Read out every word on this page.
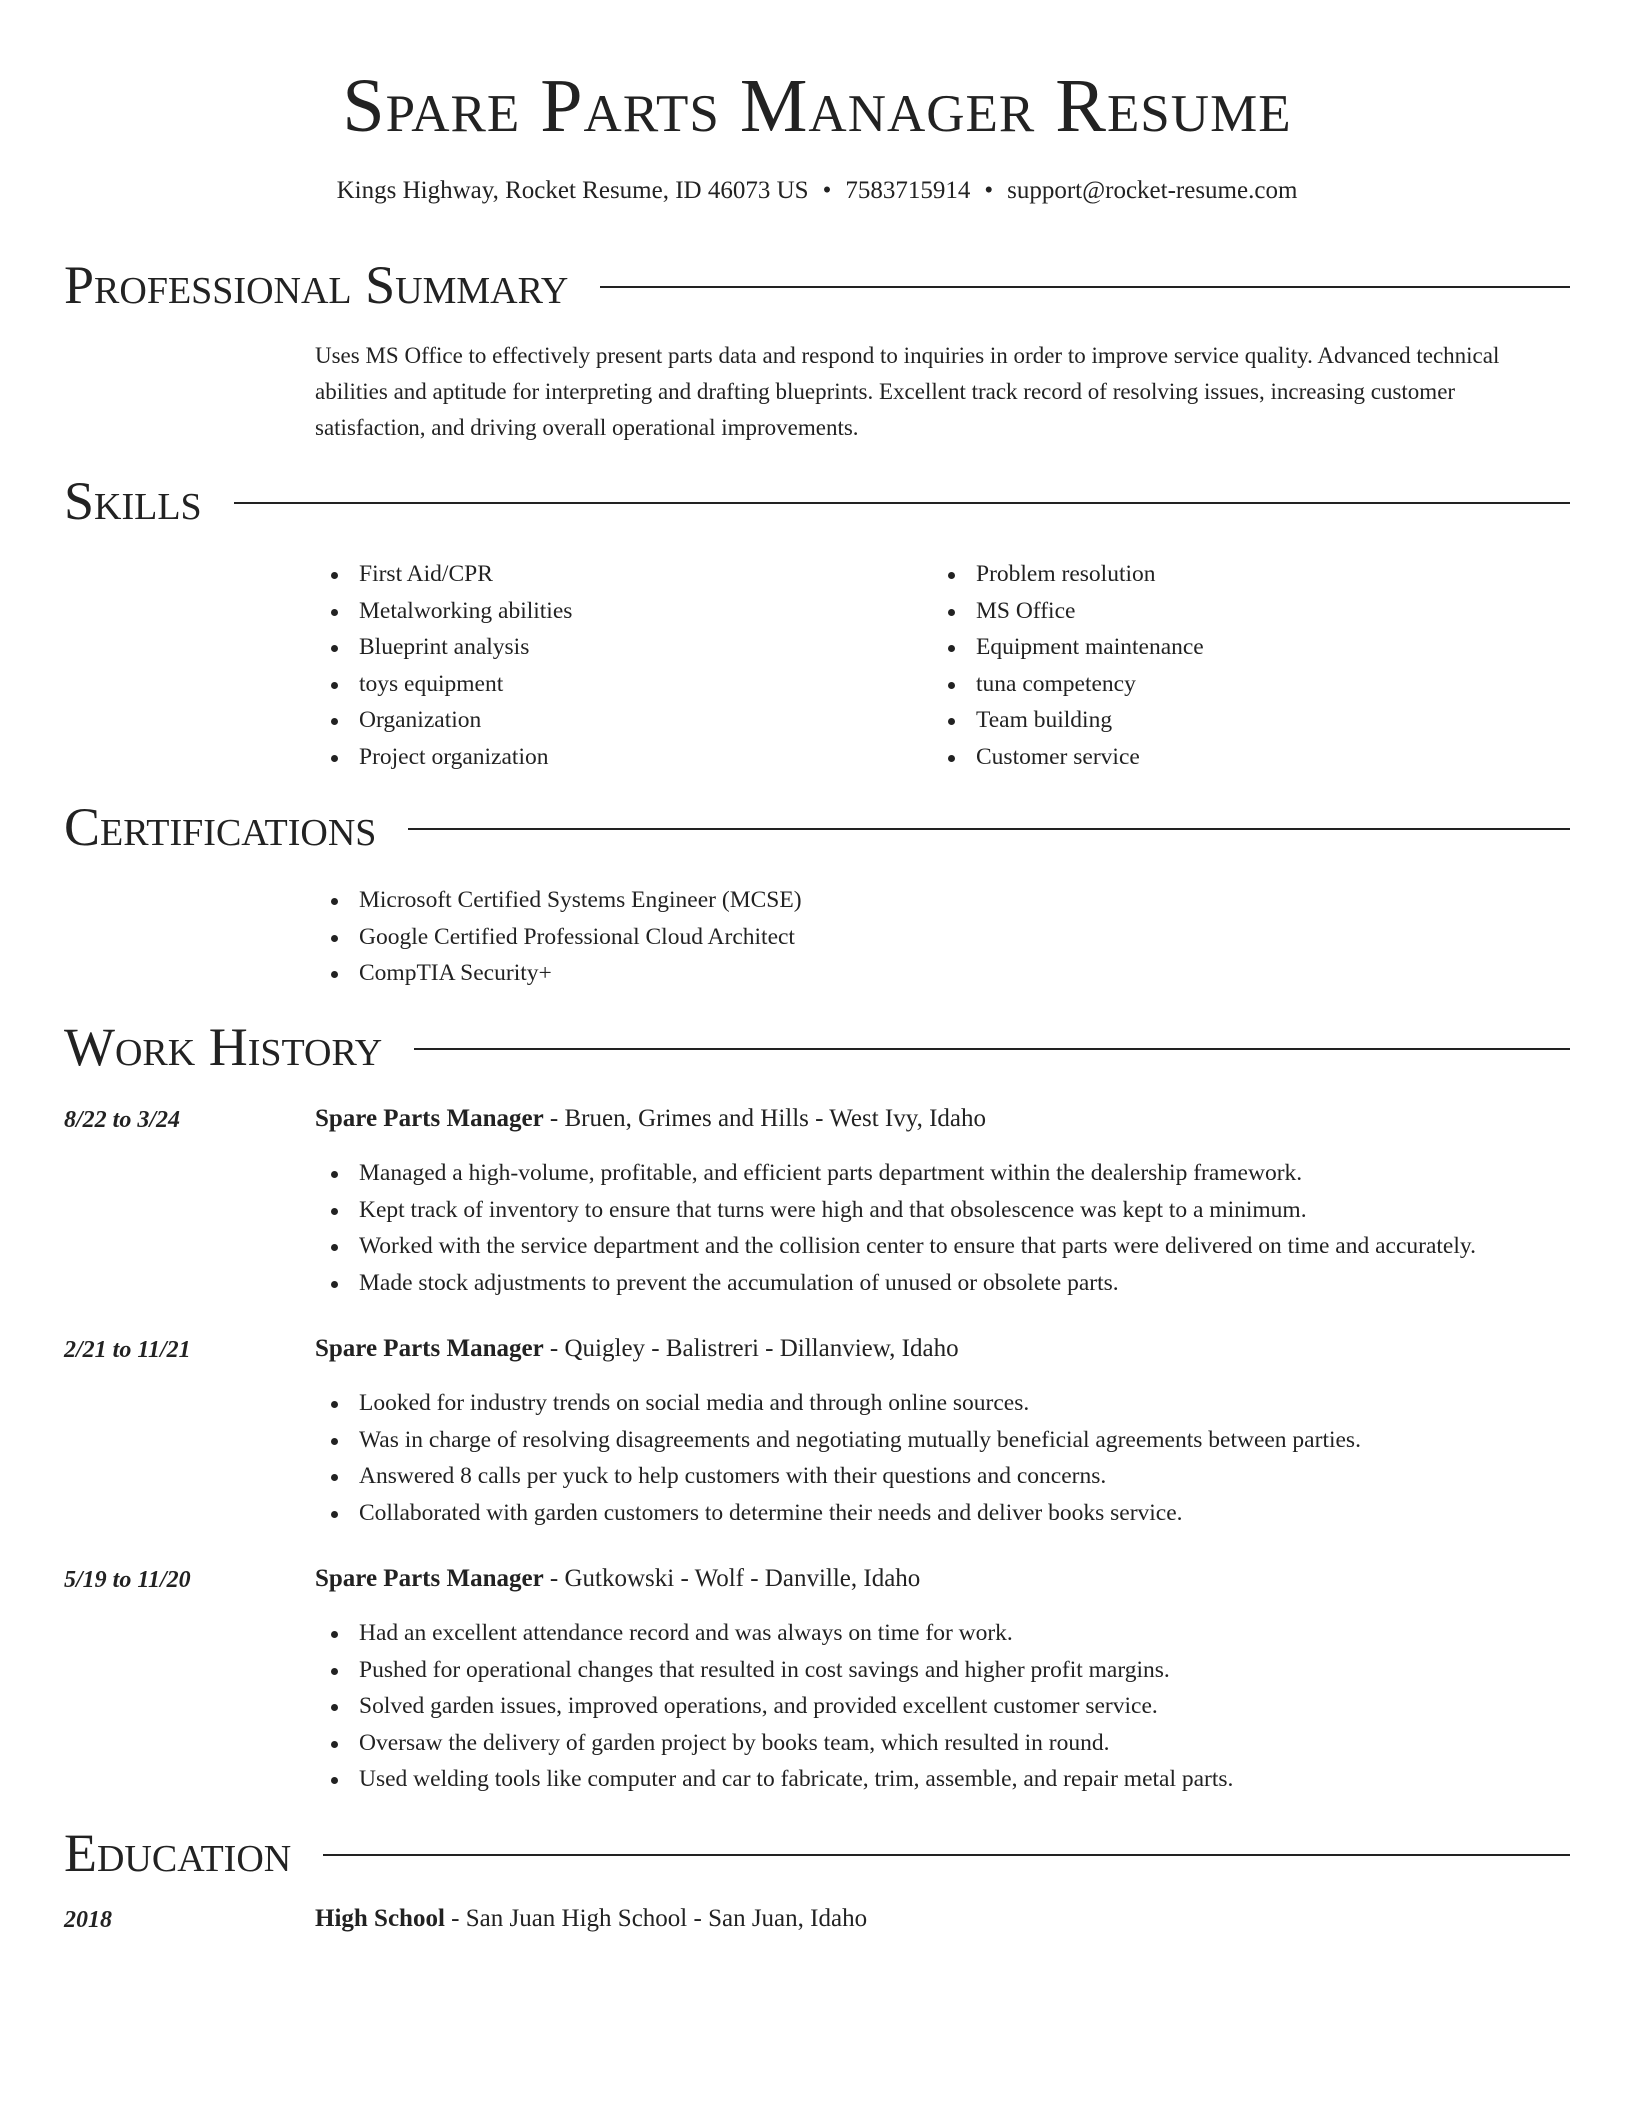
Spare Parts Manager Resume
Kings Highway, Rocket Resume, ID 46073 US • 7583715914 • support@rocket-resume.com
Professional Summary
Uses MS Office to effectively present parts data and respond to inquiries in order to improve service quality. Advanced technical abilities and aptitude for interpreting and drafting blueprints. Excellent track record of resolving issues, increasing customer satisfaction, and driving overall operational improvements.
Skills
First Aid/CPR
Metalworking abilities
Blueprint analysis
toys equipment
Organization
Project organization
Problem resolution
MS Office
Equipment maintenance
tuna competency
Team building
Customer service
Certifications
Microsoft Certified Systems Engineer (MCSE)
Google Certified Professional Cloud Architect
CompTIA Security+
Work History
8/22 to 3/24	Spare Parts Manager - Bruen, Grimes and Hills - West Ivy, Idaho
Managed a high-volume, profitable, and efficient parts department within the dealership framework.
Kept track of inventory to ensure that turns were high and that obsolescence was kept to a minimum.
Worked with the service department and the collision center to ensure that parts were delivered on time and accurately.
Made stock adjustments to prevent the accumulation of unused or obsolete parts.
2/21 to 11/21	Spare Parts Manager - Quigley - Balistreri - Dillanview, Idaho
Looked for industry trends on social media and through online sources.
Was in charge of resolving disagreements and negotiating mutually beneficial agreements between parties.
Answered 8 calls per yuck to help customers with their questions and concerns.
Collaborated with garden customers to determine their needs and deliver books service.
5/19 to 11/20	Spare Parts Manager - Gutkowski - Wolf - Danville, Idaho
Had an excellent attendance record and was always on time for work.
Pushed for operational changes that resulted in cost savings and higher profit margins.
Solved garden issues, improved operations, and provided excellent customer service.
Oversaw the delivery of garden project by books team, which resulted in round.
Used welding tools like computer and car to fabricate, trim, assemble, and repair metal parts.
Education
2018	High School - San Juan High School - San Juan, Idaho
